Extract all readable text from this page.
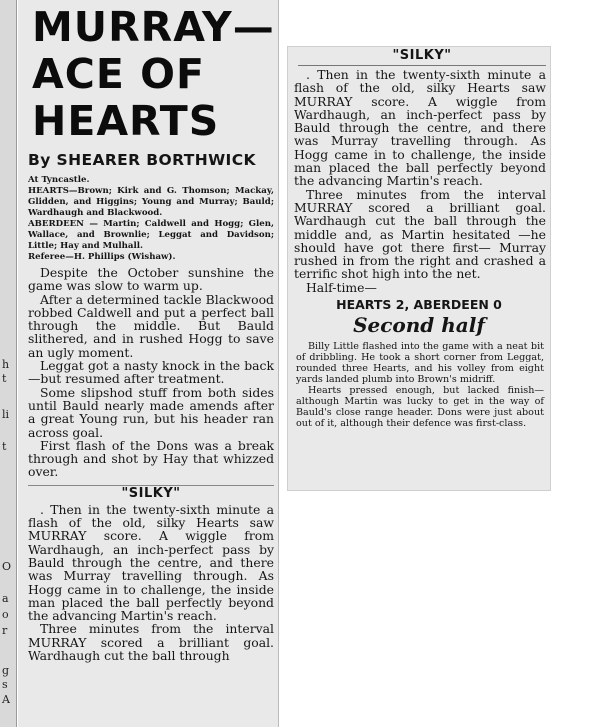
h
t
li
t
O
a
o
r
g
s
A
MURRAY—
ACE OF
HEARTS
By SHEARER BORTHWICK

At Tyncastle.

HEARTS—Brown; Kirk and G. Thomson; Mackay, Glidden, and Higgins; Young and Murray; Bauld; Wardhaugh and Blackwood.

ABERDEEN — Martin; Caldwell and Hogg; Glen, Wallace, and Brownlie; Leggat and Davidson; Little; Hay and Mulhall.

Referee—H. Phillips (Wishaw).

Despite the October sunshine the game was slow to warm up.

After a determined tackle Blackwood robbed Caldwell and put a perfect ball through the middle. But Bauld slithered, and in rushed Hogg to save an ugly moment.

Leggat got a nasty knock in the back—but resumed after treatment.

Some slipshod stuff from both sides until Bauld nearly made amends after a great Young run, but his header ran across goal.

First flash of the Dons was a break through and shot by Hay that whizzed over.

"SILKY"

. Then in the twenty-sixth minute a flash of the old, silky Hearts saw MURRAY score. A wiggle from Wardhaugh, an inch-perfect pass by Bauld through the centre, and there was Murray travelling through. As Hogg came in to challenge, the inside man placed the ball perfectly beyond the advancing Martin's reach.

Three minutes from the interval MURRAY scored a brilliant goal. Wardhaugh cut the ball through

"SILKY"

. Then in the twenty-sixth minute a flash of the old, silky Hearts saw MURRAY score. A wiggle from Wardhaugh, an inch-perfect pass by Bauld through the centre, and there was Murray travelling through. As Hogg came in to challenge, the inside man placed the ball perfectly beyond the advancing Martin's reach.

Three minutes from the interval MURRAY scored a brilliant goal. Wardhaugh cut the ball through the middle and, as Martin hesitated —he should have got there first— Murray rushed in from the right and crashed a terrific shot high into the net.

Half-time—

HEARTS 2, ABERDEEN 0
Second half

Billy Little flashed into the game with a neat bit of dribbling. He took a short corner from Leggat, rounded three Hearts, and his volley from eight yards landed plumb into Brown's midriff.

Hearts pressed enough, but lacked finish—although Martin was lucky to get in the way of Bauld's close range header. Dons were just about out of it, although their defence was first-class.
